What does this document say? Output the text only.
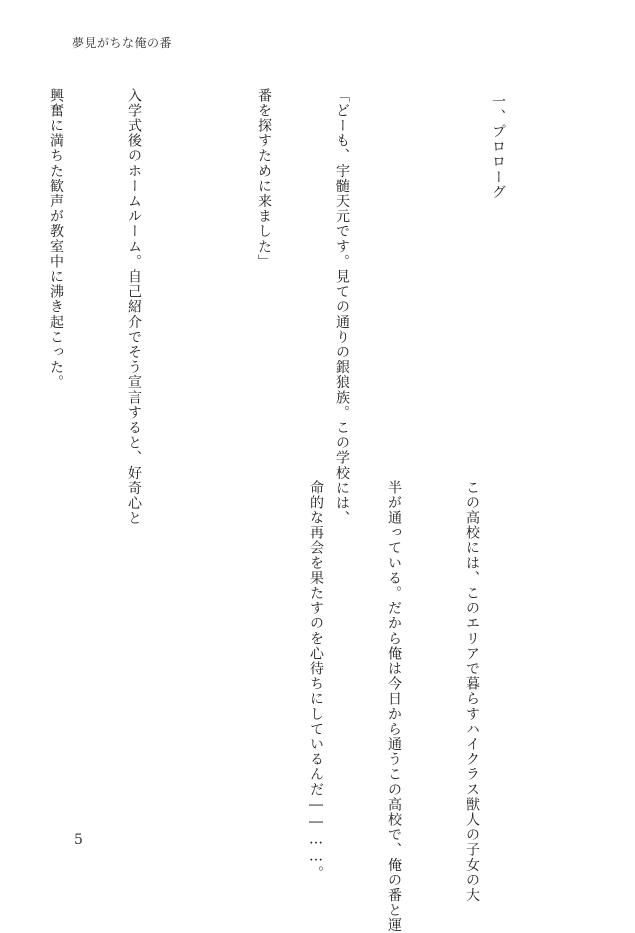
夢見がちな俺の番

一、プロローグ

「どーも、宇髄天元です。見ての通りの銀狼族。この学校には、

番を探すために来ました」

入学式後のホームルーム。自己紹介でそう宣言すると、好奇心と

興奮に満ちた歓声が教室中に沸き起こった。

この高校には、このエリアで暮らすハイクラス獣人の子女の大

半が通っている。だから俺は今日から通うこの高校で、俺の番と運

命的な再会を果たすのを心待ちにしているんだ――……。

5
